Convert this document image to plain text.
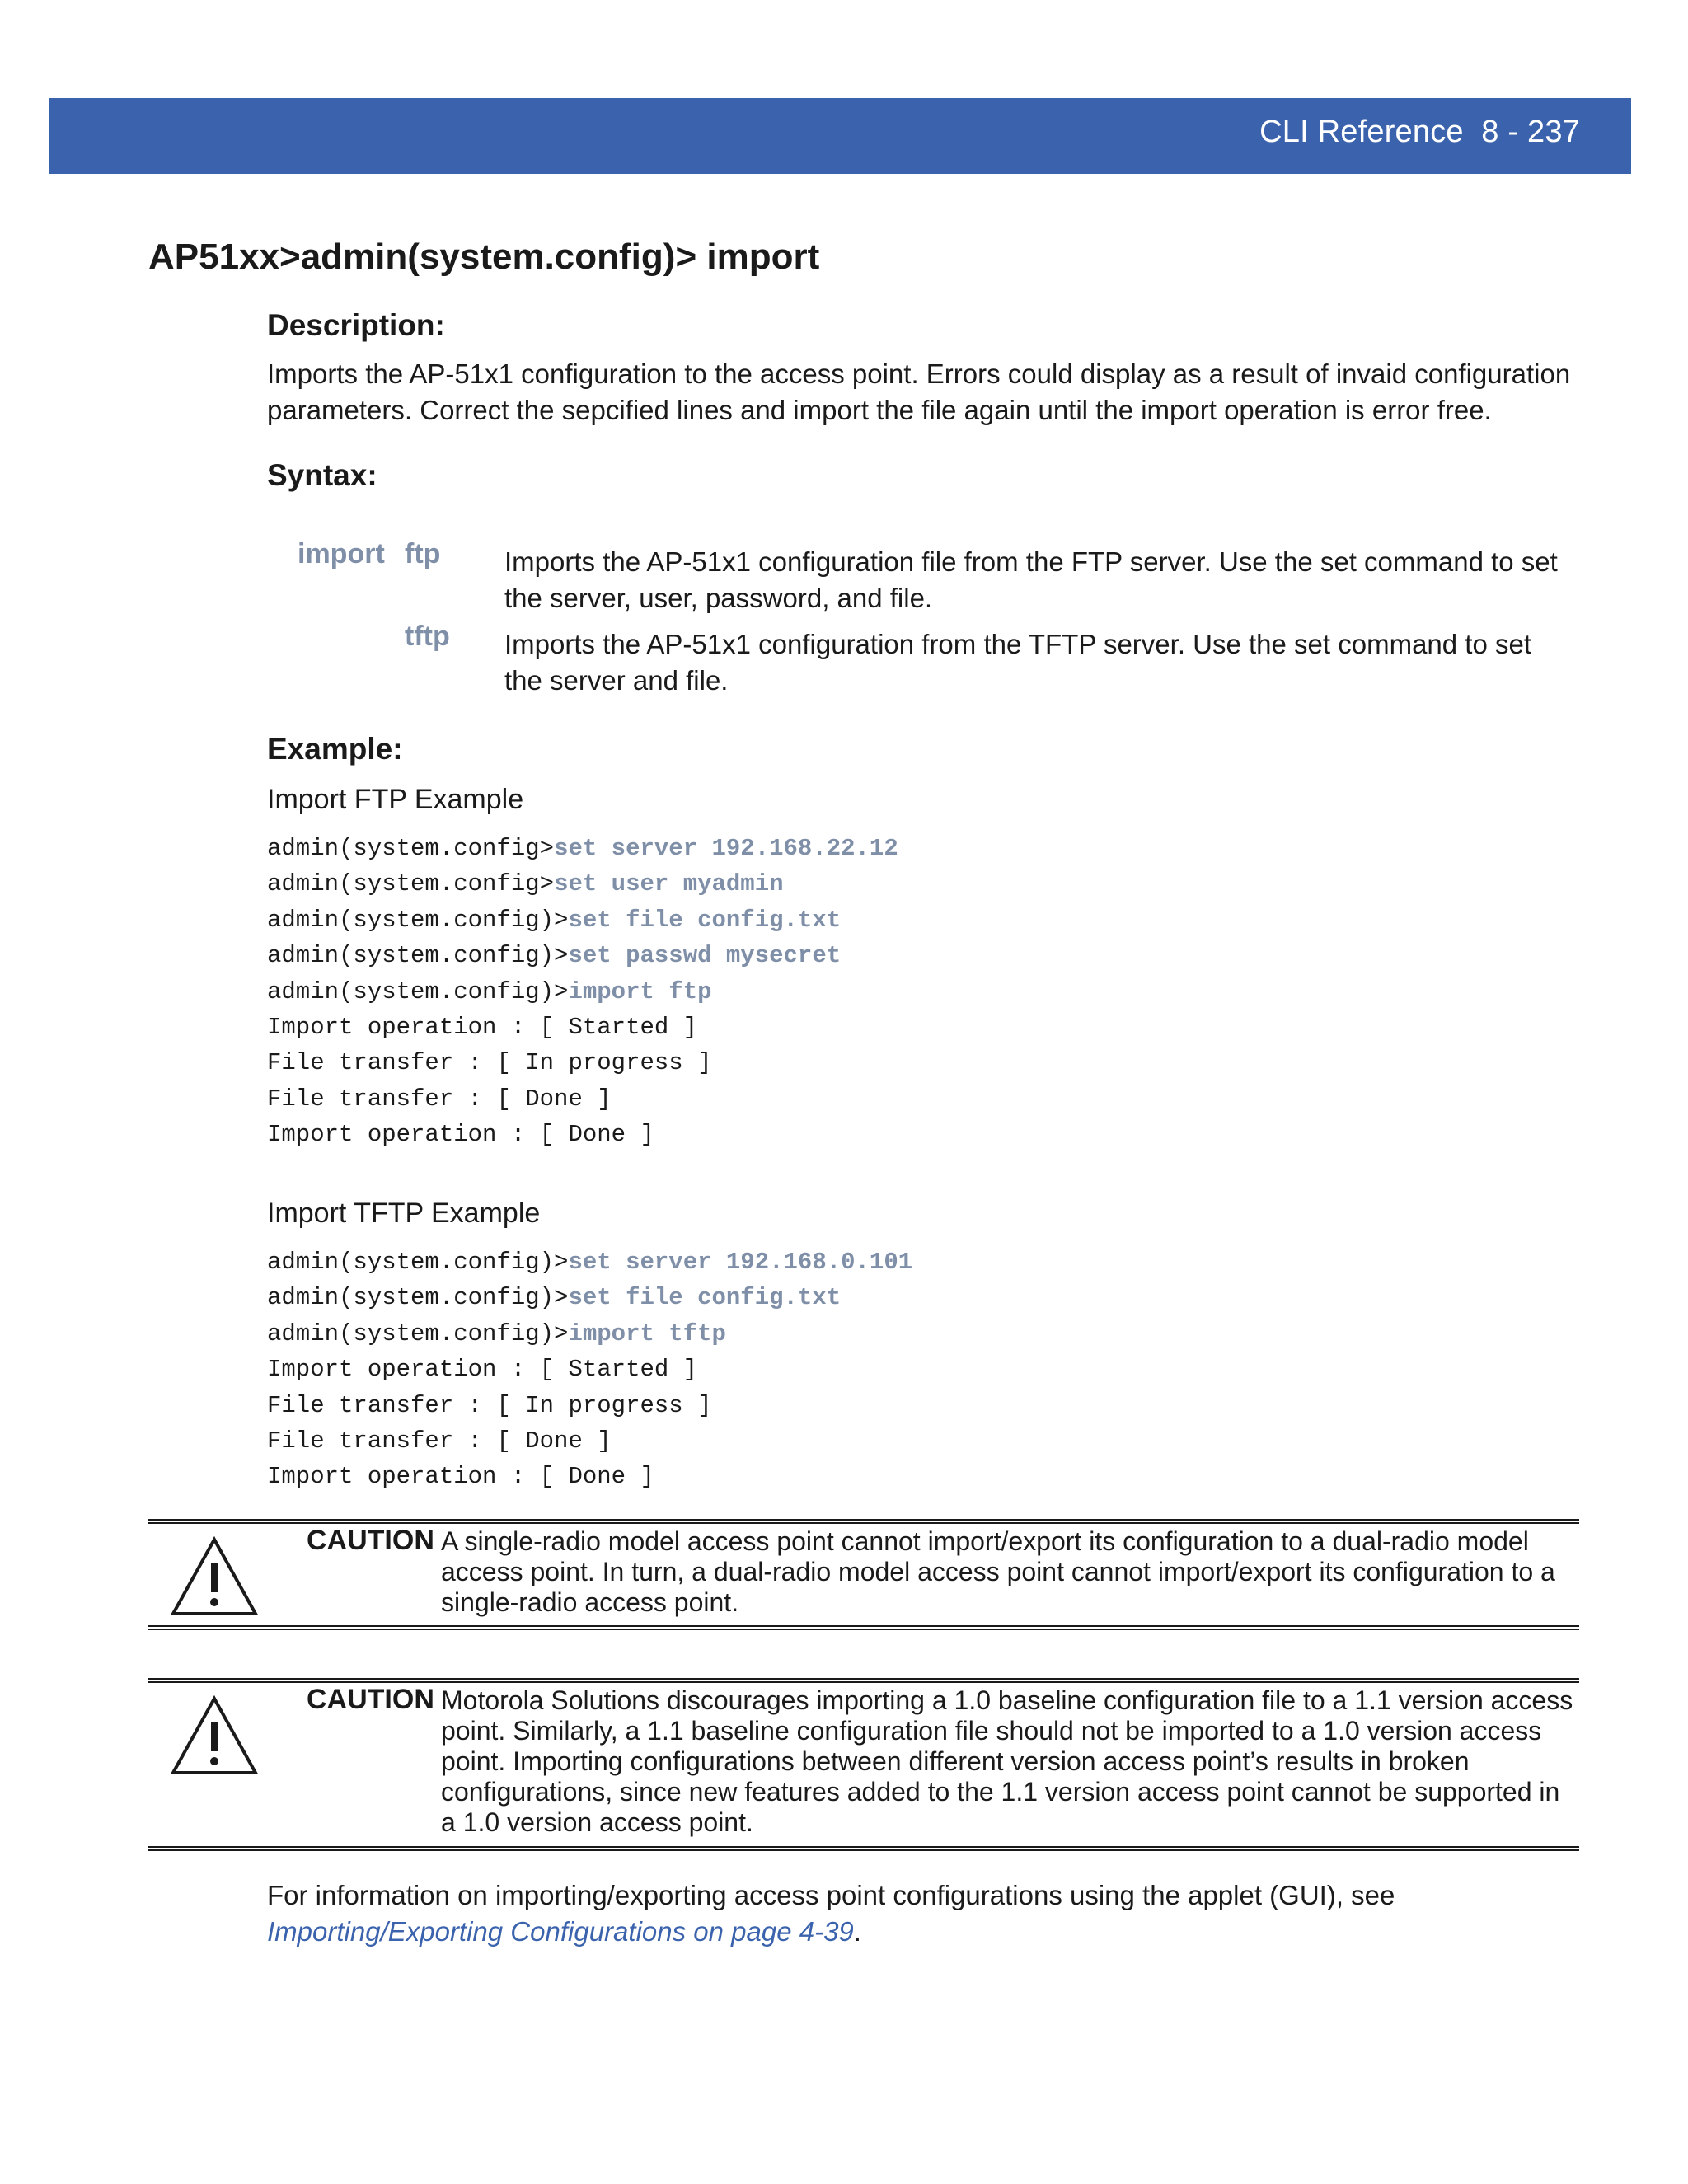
CLI Reference 8 - 237
AP51xx>admin(system.config)> import
Description:
Imports the AP-51x1 configuration to the access point. Errors could display as a result of invaid configuration parameters. Correct the sepcified lines and import the file again until the import operation is error free.
Syntax:
import ftp Imports the AP-51x1 configuration file from the FTP server. Use the set command to set the server, user, password, and file.
tftp Imports the AP-51x1 configuration from the TFTP server. Use the set command to set the server and file.
Example:
Import FTP Example
admin(system.config>set server 192.168.22.12
admin(system.config>set user myadmin
admin(system.config)>set file config.txt
admin(system.config)>set passwd mysecret
admin(system.config)>import ftp
Import operation : [ Started ]
File transfer : [ In progress ]
File transfer : [ Done ]
Import operation : [ Done ]
Import TFTP Example
admin(system.config)>set server 192.168.0.101
admin(system.config)>set file config.txt
admin(system.config)>import tftp
Import operation : [ Started ]
File transfer : [ In progress ]
File transfer : [ Done ]
Import operation : [ Done ]
CAUTION A single-radio model access point cannot import/export its configuration to a dual-radio model access point. In turn, a dual-radio model access point cannot import/export its configuration to a single-radio access point.
CAUTION Motorola Solutions discourages importing a 1.0 baseline configuration file to a 1.1 version access point. Similarly, a 1.1 baseline configuration file should not be imported to a 1.0 version access point. Importing configurations between different version access point’s results in broken configurations, since new features added to the 1.1 version access point cannot be supported in a 1.0 version access point.
For information on importing/exporting access point configurations using the applet (GUI), see Importing/Exporting Configurations on page 4-39.
